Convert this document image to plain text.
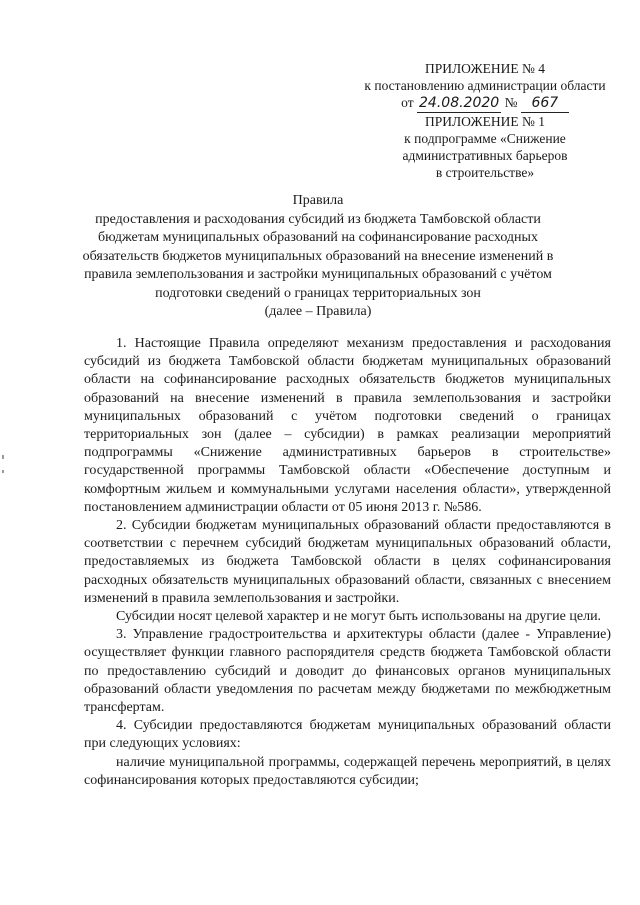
ПРИЛОЖЕНИЕ № 4
к постановлению администрации области
от 24.08.2020 № 667
ПРИЛОЖЕНИЕ № 1
к подпрограмме «Снижение
административных барьеров
в строительстве»
Правила
предоставления и расходования субсидий из бюджета Тамбовской области
бюджетам муниципальных образований на софинансирование расходных
обязательств бюджетов муниципальных образований на внесение изменений в
правила землепользования и застройки муниципальных образований с учётом
подготовки сведений о границах территориальных зон
(далее – Правила)

1. Настоящие Правила определяют механизм предоставления и расходования субсидий из бюджета Тамбовской области бюджетам муниципальных образований области на софинансирование расходных обязательств бюджетов муниципальных образований на внесение изменений в правила землепользования и застройки муниципальных образований с учётом подготовки сведений о границах территориальных зон (далее – субсидии) в рамках реализации мероприятий подпрограммы «Снижение административных барьеров в строительстве» государственной программы Тамбовской области «Обеспечение доступным и комфортным жильем и коммунальными услугами населения области», утвержденной постановлением администрации области от 05 июня 2013 г. №586.

2. Субсидии бюджетам муниципальных образований области предоставляются в соответствии с перечнем субсидий бюджетам муниципальных образований области, предоставляемых из бюджета Тамбовской области в целях софинансирования расходных обязательств муниципальных образований области, связанных с внесением изменений в правила землепользования и застройки.

Субсидии носят целевой характер и не могут быть использованы на другие цели.

3. Управление градостроительства и архитектуры области (далее - Управление) осуществляет функции главного распорядителя средств бюджета Тамбовской области по предоставлению субсидий и доводит до финансовых органов муниципальных образований области уведомления по расчетам между бюджетами по межбюджетным трансфертам.

4. Субсидии предоставляются бюджетам муниципальных образований области при следующих условиях:

наличие муниципальной программы, содержащей перечень мероприятий, в целях софинансирования которых предоставляются субсидии;
